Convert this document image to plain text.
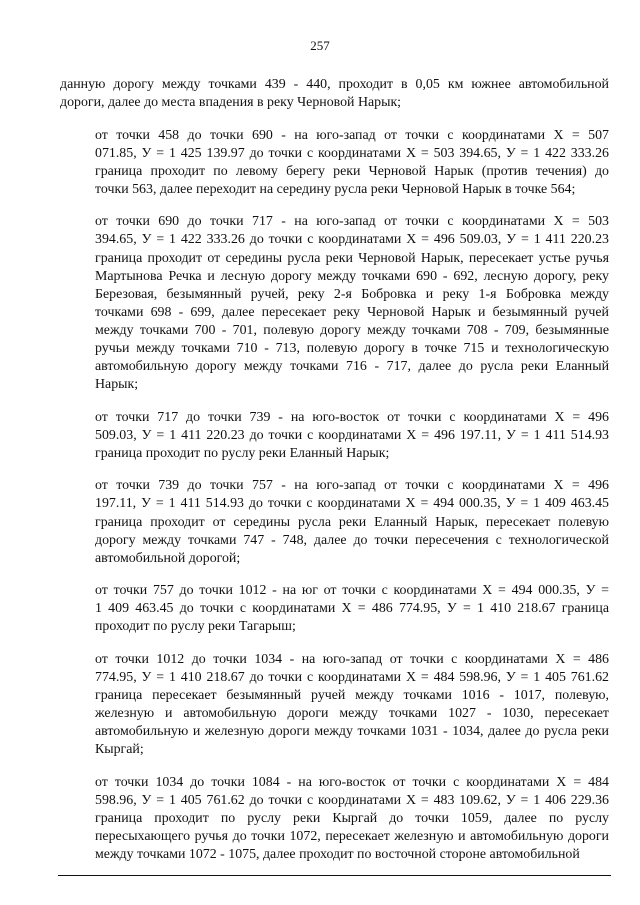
257

данную дорогу между точками 439 - 440, проходит в 0,05 км южнее автомобильной
дороги, далее до места впадения в реку Черновой Нарык;

от точки 458 до точки 690 - на юго-запад от точки с координатами Х = 507
071.85, У = 1 425 139.97 до точки с координатами Х = 503 394.65, У = 1 422 333.26
граница проходит по левому берегу реки Черновой Нарык (против течения) до
точки 563, далее переходит на середину русла реки Черновой Нарык в точке 564;

от точки 690 до точки 717 - на юго-запад от точки с координатами Х = 503
394.65, У = 1 422 333.26 до точки с координатами Х = 496 509.03, У = 1 411 220.23
граница проходит от середины русла реки Черновой Нарык, пересекает устье ручья
Мартынова Речка и лесную дорогу между точками 690 - 692, лесную дорогу, реку
Березовая, безымянный ручей, реку 2-я Бобровка и реку 1-я Бобровка между
точками 698 - 699, далее пересекает реку Черновой Нарык и безымянный ручей
между точками 700 - 701, полевую дорогу между точками 708 - 709, безымянные
ручьи между точками 710 - 713, полевую дорогу в точке 715 и технологическую
автомобильную дорогу между точками 716 - 717, далее до русла реки Еланный
Нарык;

от точки 717 до точки 739 - на юго-восток от точки с координатами Х = 496
509.03, У = 1 411 220.23 до точки с координатами Х = 496 197.11, У = 1 411 514.93
граница проходит по руслу реки Еланный Нарык;

от точки 739 до точки 757 - на юго-запад от точки с координатами Х = 496
197.11, У = 1 411 514.93 до точки с координатами Х = 494 000.35, У = 1 409 463.45
граница проходит от середины русла реки Еланный Нарык, пересекает полевую
дорогу между точками 747 - 748, далее до точки пересечения с технологической
автомобильной дорогой;

от точки 757 до точки 1012 - на юг от точки с координатами Х = 494 000.35, У =
1 409 463.45 до точки с координатами Х = 486 774.95, У = 1 410 218.67 граница
проходит по руслу реки Тагарыш;

от точки 1012 до точки 1034 - на юго-запад от точки с координатами Х = 486
774.95, У = 1 410 218.67 до точки с координатами Х = 484 598.96, У = 1 405 761.62
граница пересекает безымянный ручей между точками 1016 - 1017, полевую,
железную и автомобильную дороги между точками 1027 - 1030, пересекает
автомобильную и железную дороги между точками 1031 - 1034, далее до русла реки
Кыргай;

от точки 1034 до точки 1084 - на юго-восток от точки с координатами Х = 484
598.96, У = 1 405 761.62 до точки с координатами Х = 483 109.62, У = 1 406 229.36
граница проходит по руслу реки Кыргай до точки 1059, далее по руслу
пересыхающего ручья до точки 1072, пересекает железную и автомобильную дороги
между точками 1072 - 1075, далее проходит по восточной стороне автомобильной
